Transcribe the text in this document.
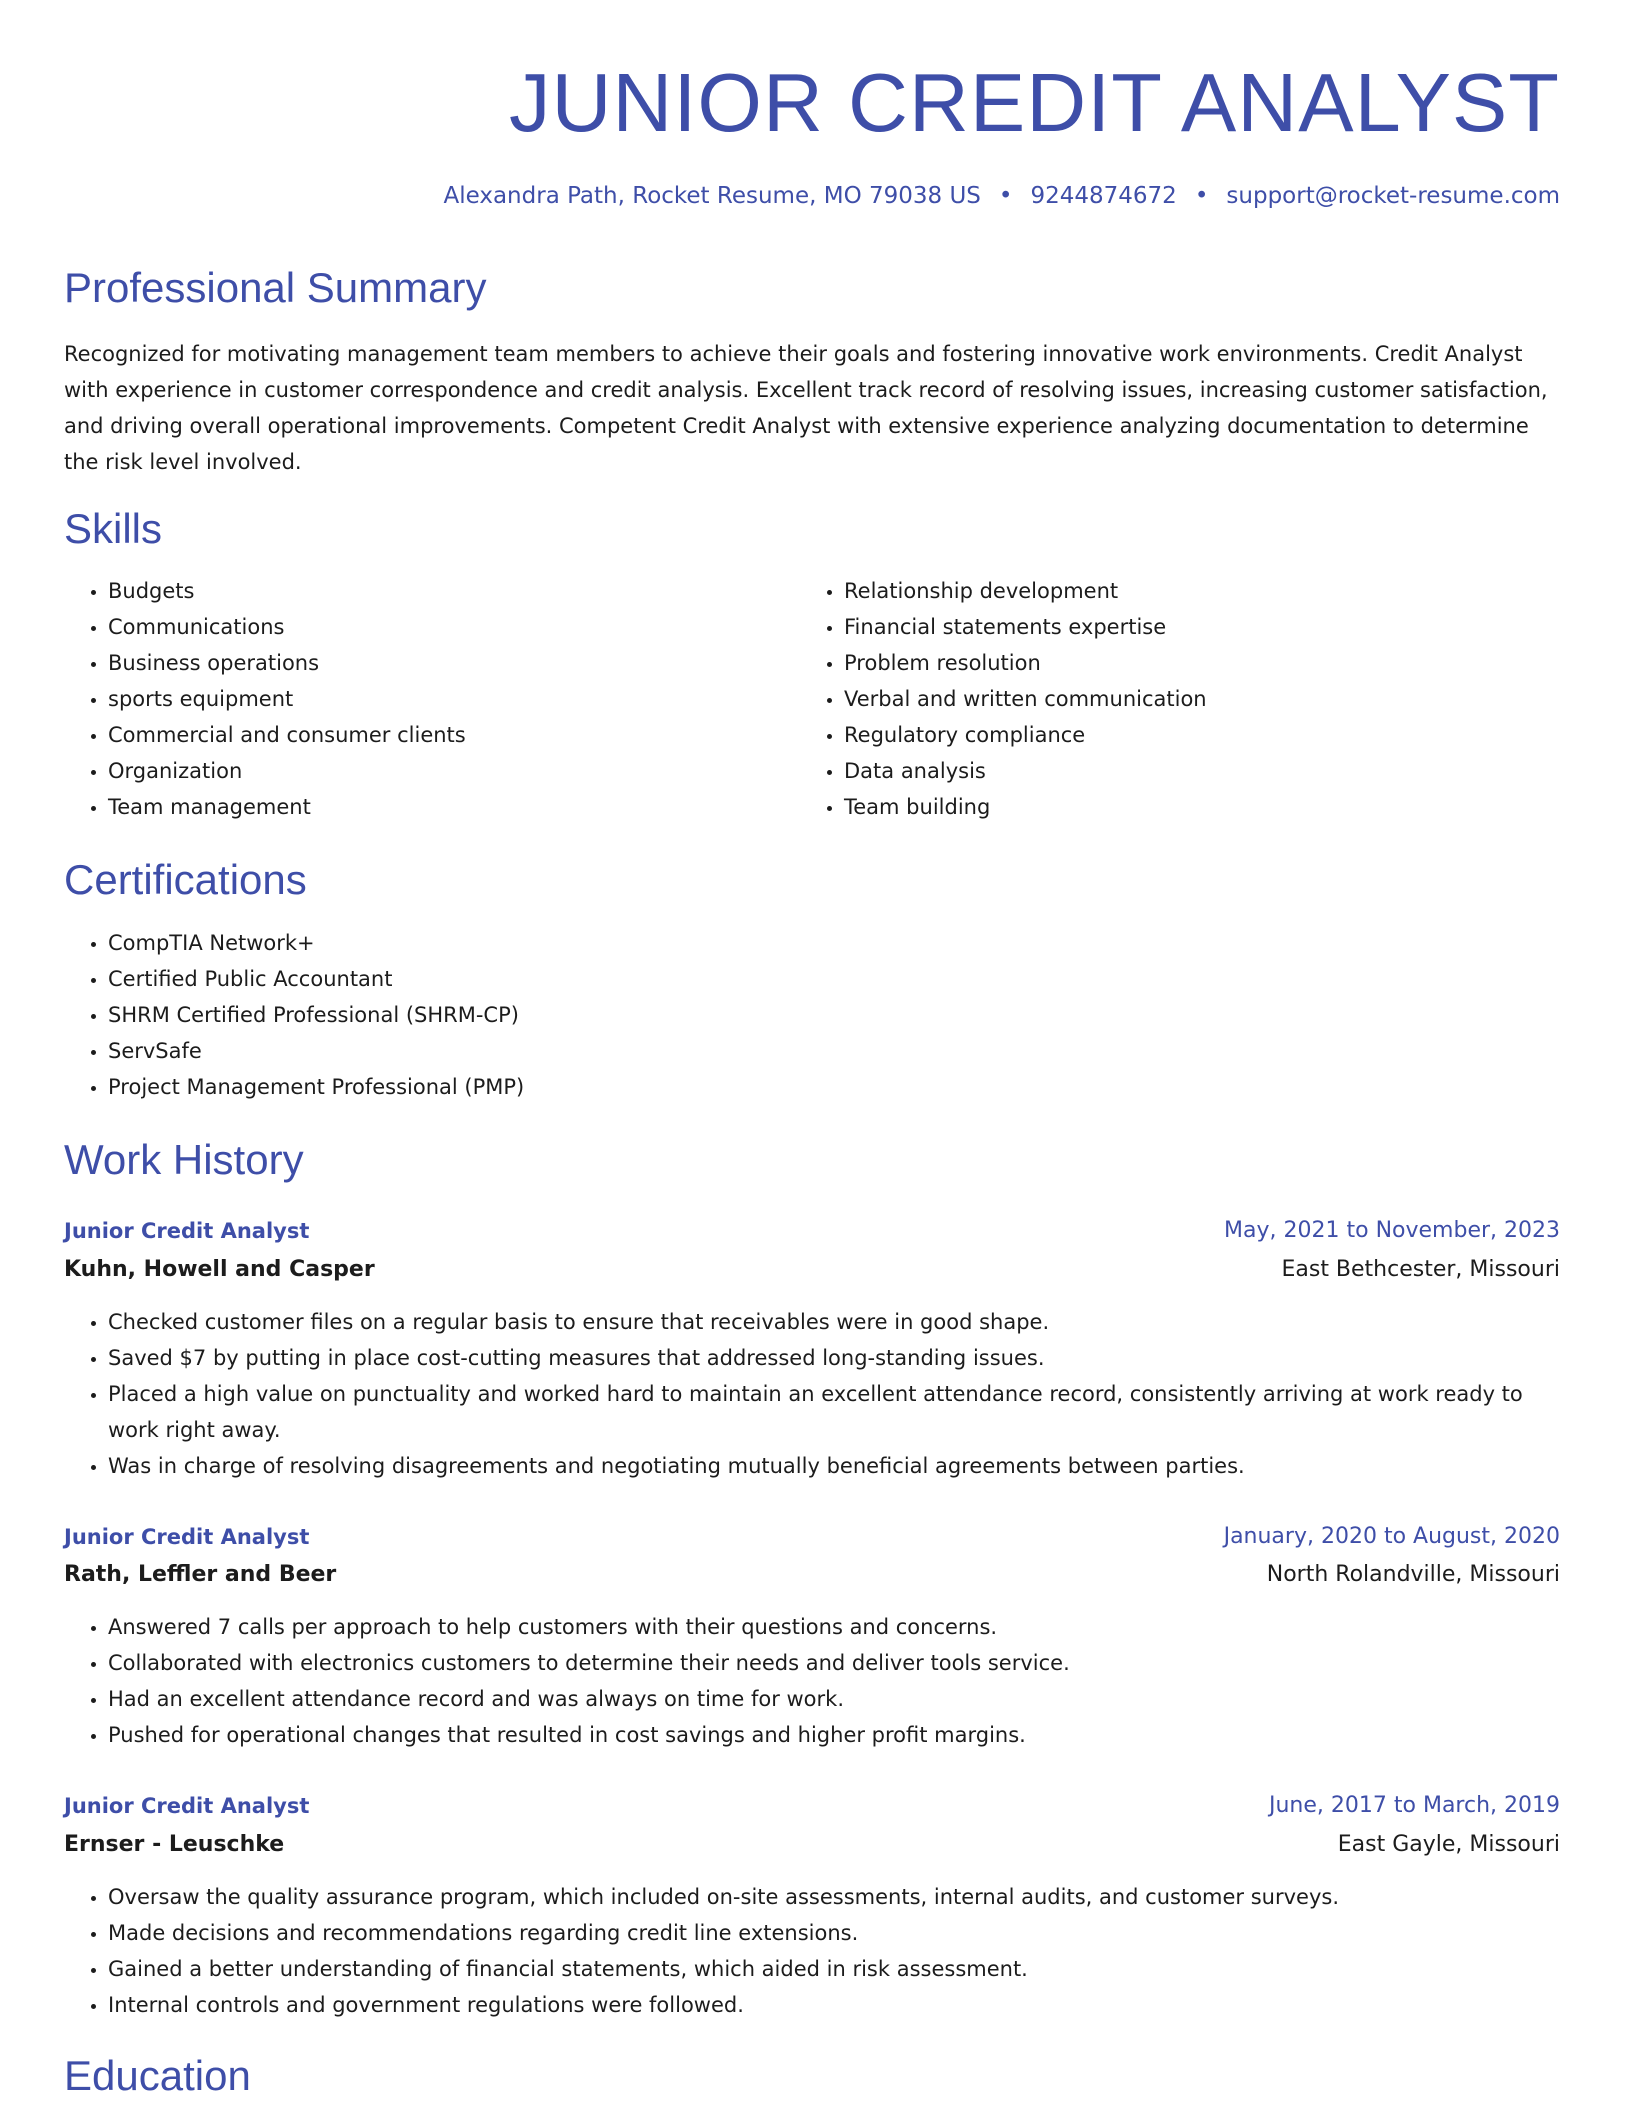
JUNIOR CREDIT ANALYST
Alexandra Path, Rocket Resume, MO 79038 US • 9244874672 • support@rocket-resume.com
Professional Summary

Recognized for motivating management team members to achieve their goals and fostering innovative work environments. Credit Analyst with experience in customer correspondence and credit analysis. Excellent track record of resolving issues, increasing customer satisfaction, and driving overall operational improvements. Competent Credit Analyst with extensive experience analyzing documentation to determine the risk level involved.

Skills
• Budgets
• Communications
• Business operations
• sports equipment
• Commercial and consumer clients
• Organization
• Team management
• Relationship development
• Financial statements expertise
• Problem resolution
• Verbal and written communication
• Regulatory compliance
• Data analysis
• Team building
Certifications
• CompTIA Network+
• Certified Public Accountant
• SHRM Certified Professional (SHRM-CP)
• ServSafe
• Project Management Professional (PMP)
Work History
Junior Credit Analyst	May, 2021 to November, 2023
Kuhn, Howell and Casper	East Bethcester, Missouri
• Checked customer files on a regular basis to ensure that receivables were in good shape.
• Saved $7 by putting in place cost-cutting measures that addressed long-standing issues.
• Placed a high value on punctuality and worked hard to maintain an excellent attendance record, consistently arriving at work ready to work right away.
• Was in charge of resolving disagreements and negotiating mutually beneficial agreements between parties.
Junior Credit Analyst	January, 2020 to August, 2020
Rath, Leffler and Beer	North Rolandville, Missouri
• Answered 7 calls per approach to help customers with their questions and concerns.
• Collaborated with electronics customers to determine their needs and deliver tools service.
• Had an excellent attendance record and was always on time for work.
• Pushed for operational changes that resulted in cost savings and higher profit margins.
Junior Credit Analyst	June, 2017 to March, 2019
Ernser - Leuschke	East Gayle, Missouri
• Oversaw the quality assurance program, which included on-site assessments, internal audits, and customer surveys.
• Made decisions and recommendations regarding credit line extensions.
• Gained a better understanding of financial statements, which aided in risk assessment.
• Internal controls and government regulations were followed.
Education
